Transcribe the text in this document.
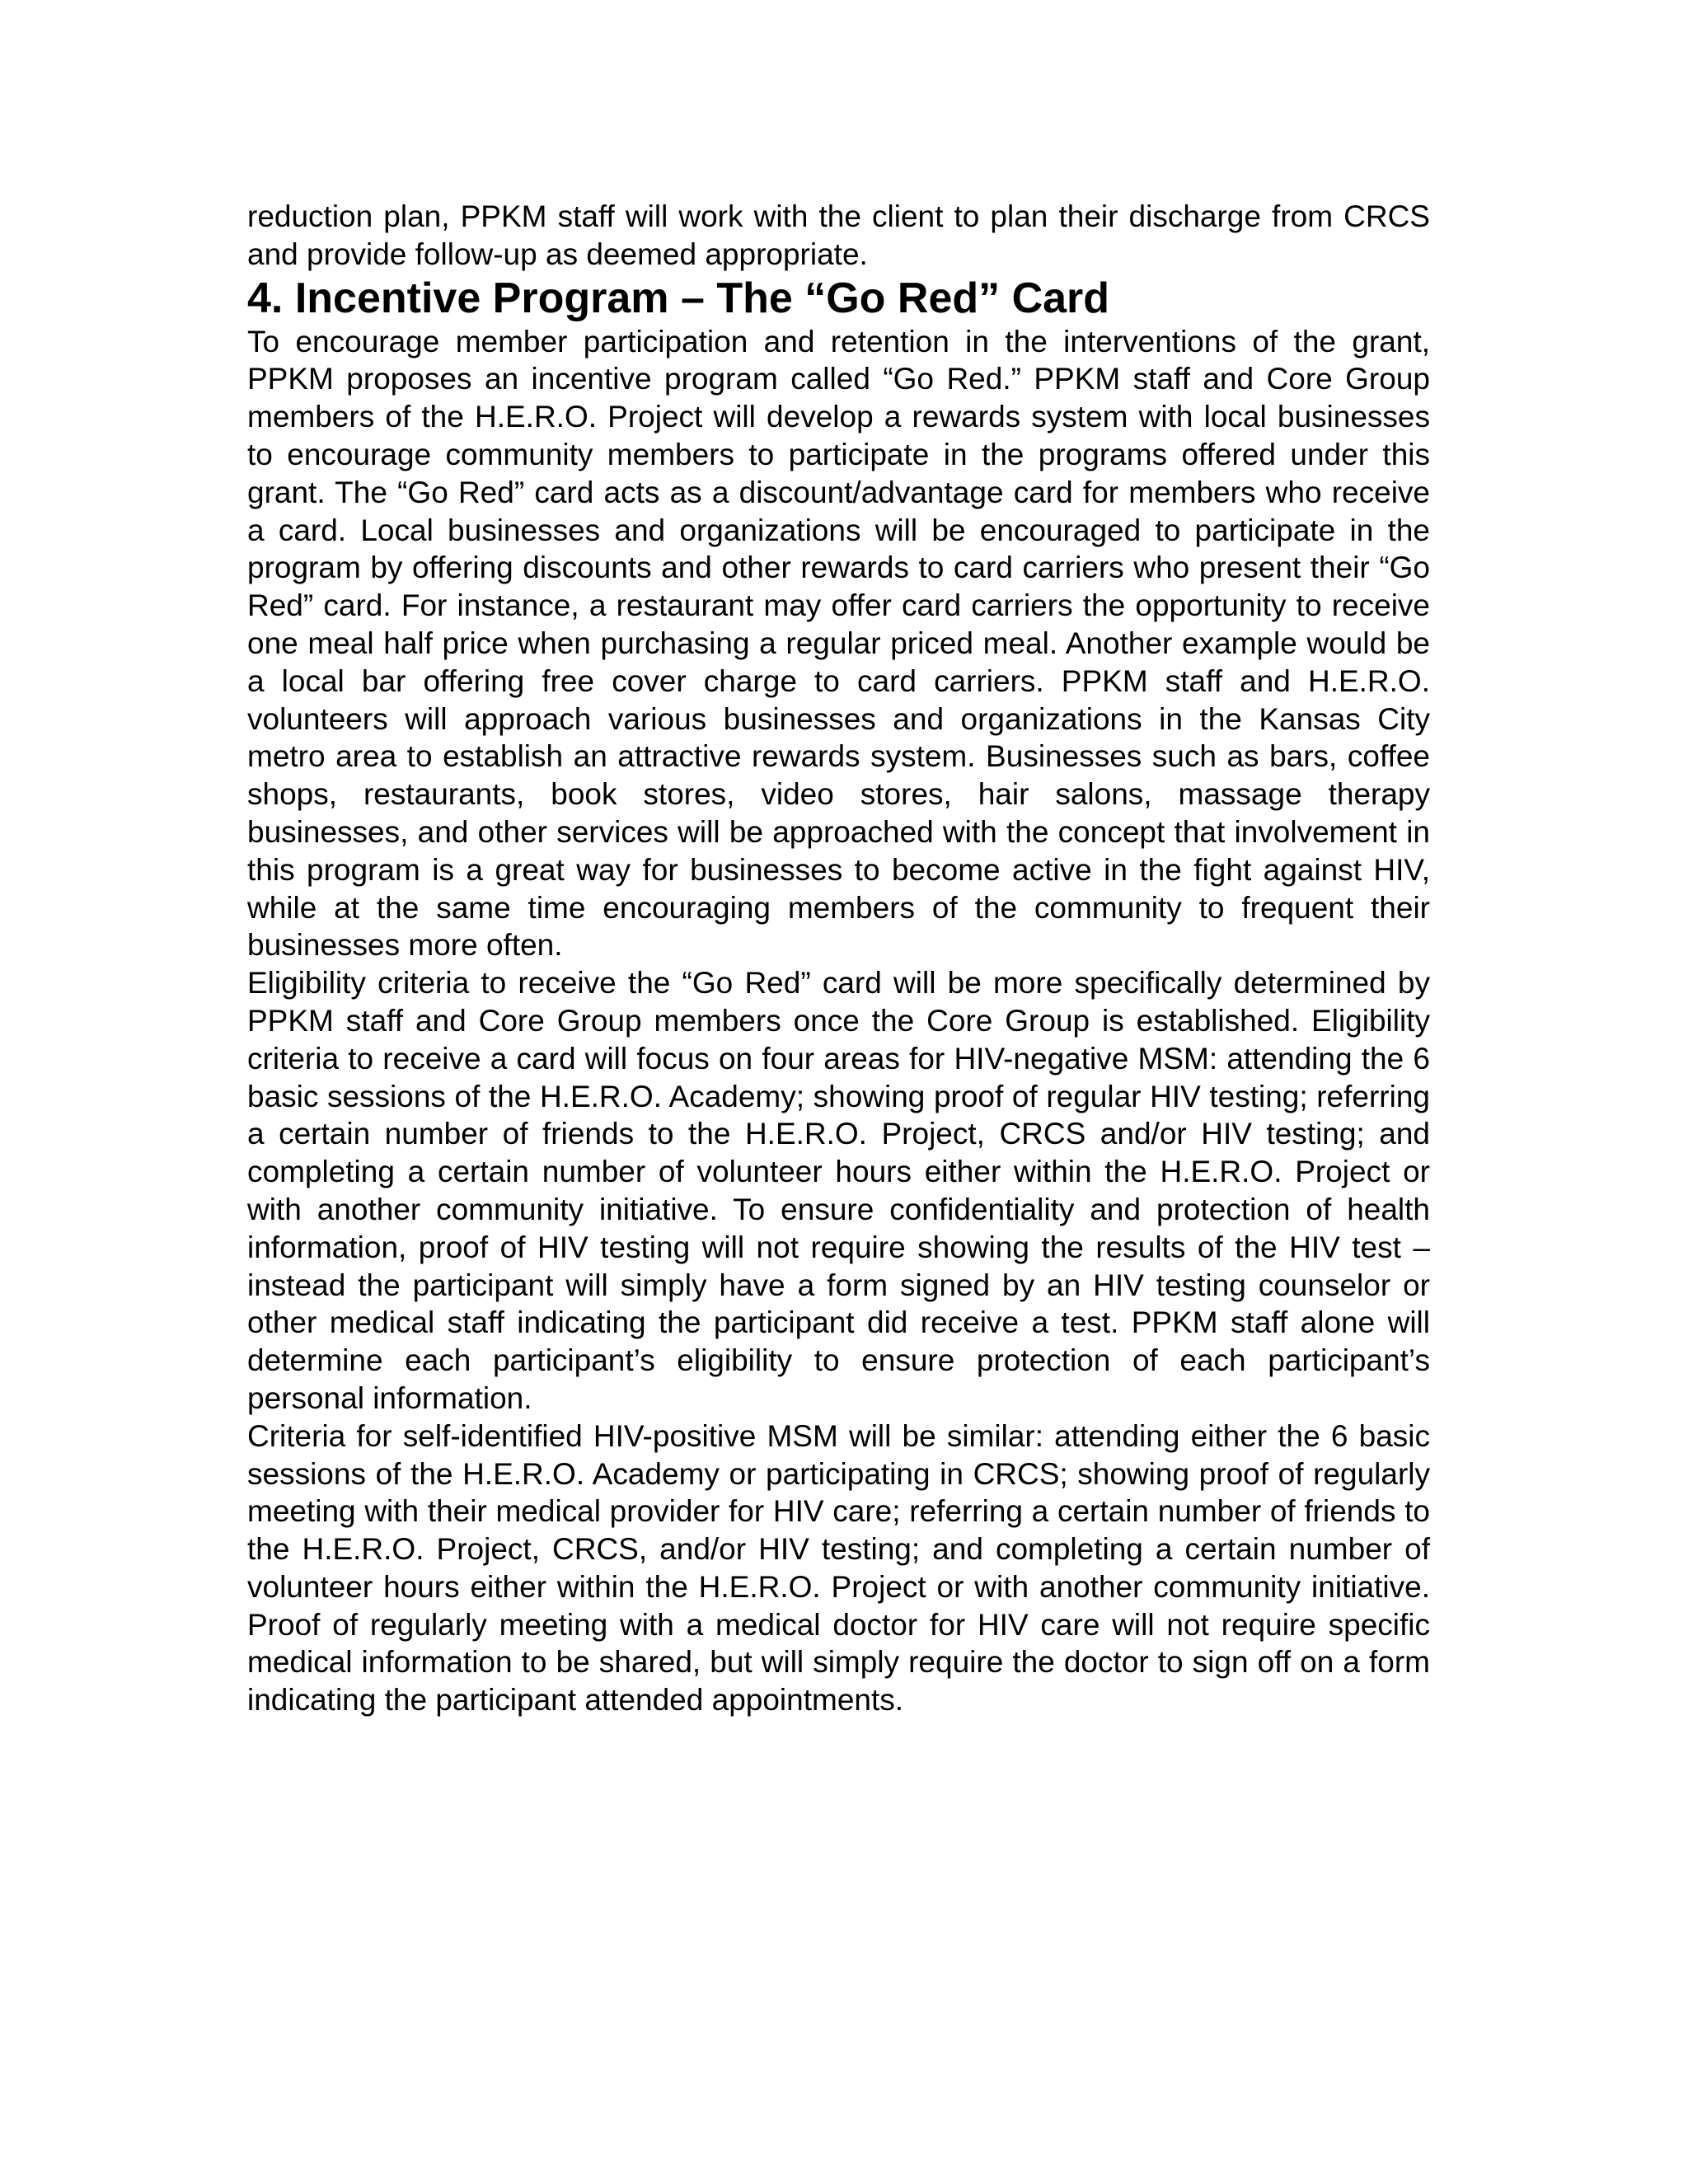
reduction plan, PPKM staff will work with the client to plan their discharge from CRCS and provide follow-up as deemed appropriate.

4. Incentive Program – The “Go Red” Card

To encourage member participation and retention in the interventions of the grant, PPKM proposes an incentive program called “Go Red.” PPKM staff and Core Group members of the H.E.R.O. Project will develop a rewards system with local businesses to encourage community members to participate in the programs offered under this grant. The “Go Red” card acts as a discount/advantage card for members who receive a card. Local businesses and organizations will be encouraged to participate in the program by offering discounts and other rewards to card carriers who present their “Go Red” card. For instance, a restaurant may offer card carriers the opportunity to receive one meal half price when purchasing a regular priced meal. Another example would be a local bar offering free cover charge to card carriers. PPKM staff and H.E.R.O. volunteers will approach various businesses and organizations in the Kansas City metro area to establish an attractive rewards system. Businesses such as bars, coffee shops, restaurants, book stores, video stores, hair salons, massage therapy businesses, and other services will be approached with the concept that involvement in this program is a great way for businesses to become active in the fight against HIV, while at the same time encouraging members of the community to frequent their businesses more often.

Eligibility criteria to receive the “Go Red” card will be more specifically determined by PPKM staff and Core Group members once the Core Group is established. Eligibility criteria to receive a card will focus on four areas for HIV-negative MSM: attending the 6 basic sessions of the H.E.R.O. Academy; showing proof of regular HIV testing; referring a certain number of friends to the H.E.R.O. Project, CRCS and/or HIV testing; and completing a certain number of volunteer hours either within the H.E.R.O. Project or with another community initiative. To ensure confidentiality and protection of health information, proof of HIV testing will not require showing the results of the HIV test – instead the participant will simply have a form signed by an HIV testing counselor or other medical staff indicating the participant did receive a test. PPKM staff alone will determine each participant’s eligibility to ensure protection of each participant’s personal information.

Criteria for self-identified HIV-positive MSM will be similar: attending either the 6 basic sessions of the H.E.R.O. Academy or participating in CRCS; showing proof of regularly meeting with their medical provider for HIV care; referring a certain number of friends to the H.E.R.O. Project, CRCS, and/or HIV testing; and completing a certain number of volunteer hours either within the H.E.R.O. Project or with another community initiative. Proof of regularly meeting with a medical doctor for HIV care will not require specific medical information to be shared, but will simply require the doctor to sign off on a form indicating the participant attended appointments.
